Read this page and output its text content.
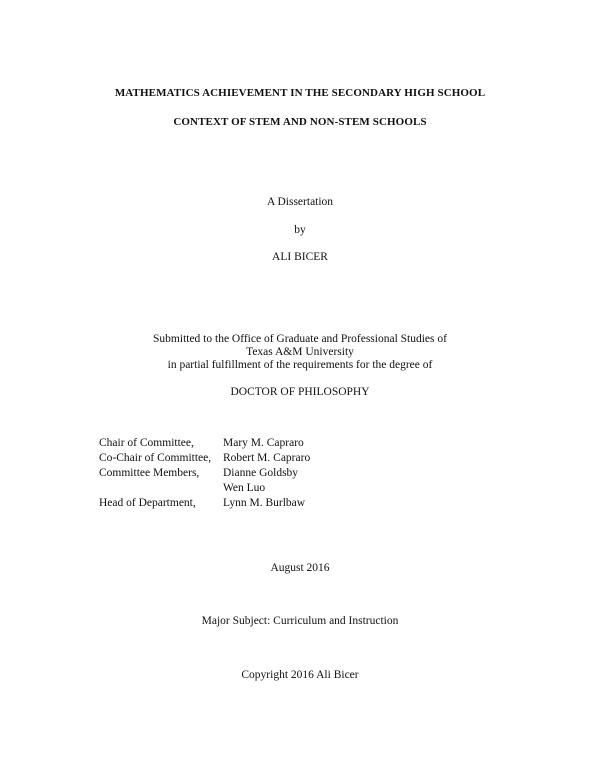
MATHEMATICS ACHIEVEMENT IN THE SECONDARY HIGH SCHOOL
CONTEXT OF STEM AND NON-STEM SCHOOLS
A Dissertation
by
ALI BICER
Submitted to the Office of Graduate and Professional Studies of
Texas A&M University
in partial fulfillment of the requirements for the degree of
DOCTOR OF PHILOSOPHY
Chair of Committee,	Mary M. Capraro
Co-Chair of Committee, Robert M. Capraro
Committee Members, Dianne Goldsby
Wen Luo
Head of Department, Lynn M. Burlbaw
August 2016
Major Subject: Curriculum and Instruction
Copyright 2016 Ali Bicer
